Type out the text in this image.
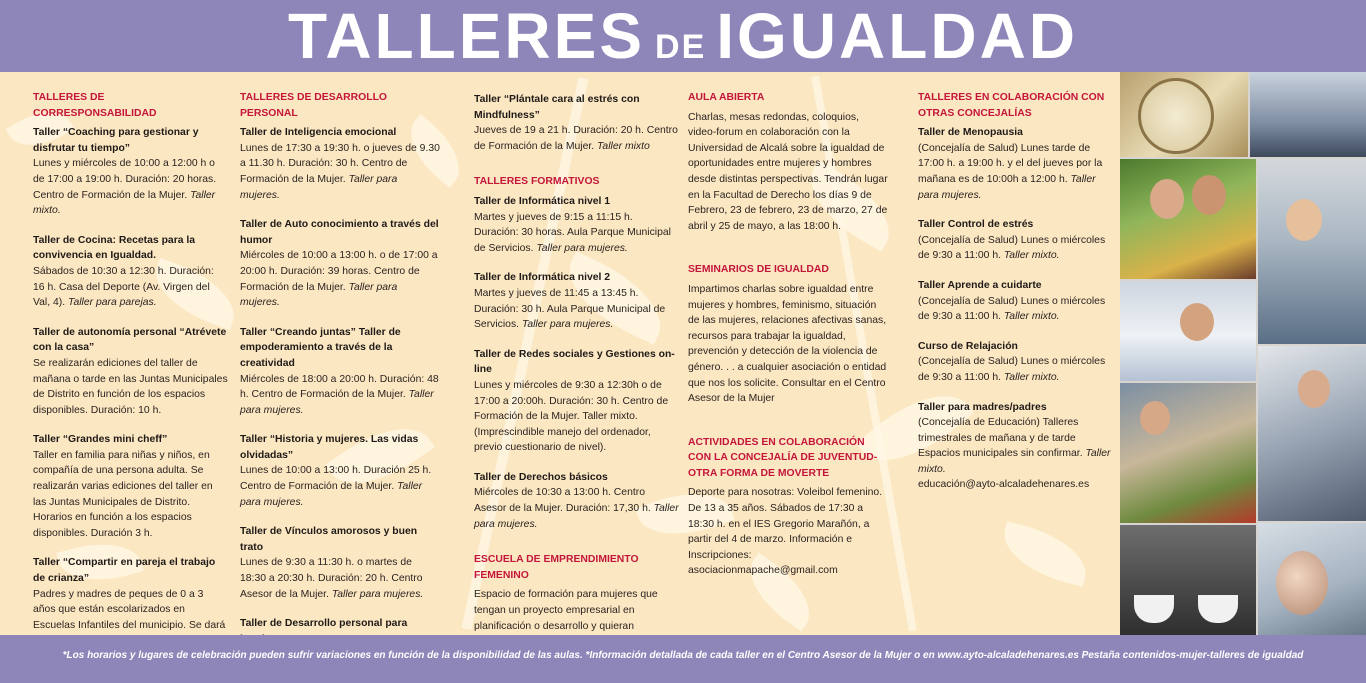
TALLERES DE IGUALDAD
TALLERES DE CORRESPONSABILIDAD
Taller “Coaching para gestionar y disfrutar tu tiempo”
Lunes y miércoles de 10:00 a 12:00 h o de 17:00 a 19:00 h. Duración: 20 horas. Centro de Formación de la Mujer. Taller mixto.
Taller de Cocina: Recetas para la convivencia en Igualdad.
Sábados de 10:30 a 12:30 h. Duración: 16 h. Casa del Deporte (Av. Virgen del Val, 4). Taller para parejas.
Taller de autonomía personal “Atrévete con la casa”
Se realizarán ediciones del taller de mañana o tarde en las Juntas Municipales de Distrito en función de los espacios disponibles. Duración: 10 h.
Taller “Grandes mini cheff”
Taller en familia para niñas y niños, en compañía de una persona adulta. Se realizarán varias ediciones del taller en las Juntas Municipales de Distrito. Horarios en función a los espacios disponibles. Duración 3 h.
Taller “Compartir en pareja el trabajo de crianza”
Padres y madres de peques de 0 a 3 años que están escolarizados en Escuelas Infantiles del municipio. Se dará
TALLERES DE DESARROLLO PERSONAL
Taller de Inteligencia emocional
Lunes de 17:30 a 19:30 h. o jueves de 9.30 a 11.30 h. Duración: 30 h. Centro de Formación de la Mujer. Taller para mujeres.
Taller de Auto conocimiento a través del humor
Miércoles de 10:00 a 13:00 h. o de 17:00 a 20:00 h. Duración: 39 horas. Centro de Formación de la Mujer. Taller para mujeres.
Taller “Creando juntas” Taller de empoderamiento a través de la creatividad
Miércoles de 18:00 a 20:00 h. Duración: 48 h. Centro de Formación de la Mujer. Taller para mujeres.
Taller “Historia y mujeres. Las vidas olvidadas”
Lunes de 10:00 a 13:00 h. Duración 25 h. Centro de Formación de la Mujer. Taller para mujeres.
Taller de Vínculos amorosos y buen trato
Lunes de 9:30 a 11:30 h. o martes de 18:30 a 20:30 h. Duración: 20 h. Centro Asesor de la Mujer. Taller para mujeres.
Taller de Desarrollo personal para
Taller “Plántale cara al estrés con Mindfulness”
Jueves de 19 a 21 h. Duración: 20 h. Centro de Formación de la Mujer. Taller mixto
TALLERES FORMATIVOS
Taller de Informática nivel 1
Martes y jueves de 9:15 a 11:15 h. Duración: 30 horas. Aula Parque Municipal de Servicios. Taller para mujeres.
Taller de Informática nivel 2
Martes y jueves de 11:45 a 13:45 h. Duración: 30 h. Aula Parque Municipal de Servicios. Taller para mujeres.
Taller de Redes sociales y Gestiones on-line
Lunes y miércoles de 9:30 a 12:30h o de 17:00 a 20:00h. Duración: 30 h. Centro de Formación de la Mujer. Taller mixto. (Imprescindible manejo del ordenador, previo cuestionario de nivel).
Taller de Derechos básicos
Miércoles de 10:30 a 13:00 h. Centro Asesor de la Mujer. Duración: 17,30 h. Taller para mujeres.
ESCUELA DE EMPRENDIMIENTO FEMENINO
Espacio de formación para mujeres que tengan un proyecto empresarial en planificación o desarrollo y quieran
AULA ABIERTA
Charlas, mesas redondas, coloquios, video-forum en colaboración con la Universidad de Alcalá sobre la igualdad de oportunidades entre mujeres y hombres desde distintas perspectivas. Tendrán lugar en la Facultad de Derecho los días 9 de Febrero, 23 de febrero, 23 de marzo, 27 de abril y 25 de mayo, a las 18:00 h.
SEMINARIOS DE IGUALDAD
Impartimos charlas sobre igualdad entre mujeres y hombres, feminismo, situación de las mujeres, relaciones afectivas sanas, recursos para trabajar la igualdad, prevención y detección de la violencia de género. . . a cualquier asociación o entidad que nos los solicite. Consultar en el Centro Asesor de la Mujer
ACTIVIDADES EN COLABORACIÓN CON LA CONCEJALÍA DE JUVENTUD-OTRA FORMA DE MOVERTE
Deporte para nosotras: Voleibol femenino. De 13 a 35 años. Sábados de 17:30 a 18:30 h. en el IES Gregorio Marañón, a partir del 4 de marzo. Información e Inscripciones:
asociacionmapache@gmail.com
TALLERES EN COLABORACIÓN CON OTRAS CONCEJALÍAS
Taller de Menopausia
(Concejalía de Salud) Lunes tarde de 17:00 h. a 19:00 h. y el del jueves por la mañana es de 10:00h a 12:00 h. Taller para mujeres.
Taller Control de estrés
(Concejalía de Salud) Lunes o miércoles de 9:30 a 11:00 h. Taller mixto.
Taller Aprende a cuidarte
(Concejalía de Salud) Lunes o miércoles de 9:30 a 11:00 h. Taller mixto.
Curso de Relajación
(Concejalía de Salud) Lunes o miércoles de 9:30 a 11:00 h. Taller mixto.
Taller para madres/padres
(Concejalía de Educación) Talleres trimestrales de mañana y de tarde Espacios municipales sin confirmar. Taller mixto.
educación@ayto-alcaladehenares.es
*Los horarios y lugares de celebración pueden sufrir variaciones en función de la disponibilidad de las aulas. *Información detallada de cada taller en el Centro Asesor de la Mujer o en www.ayto-alcaladehenares.es Pestaña contenidos-mujer-talleres de igualdad
